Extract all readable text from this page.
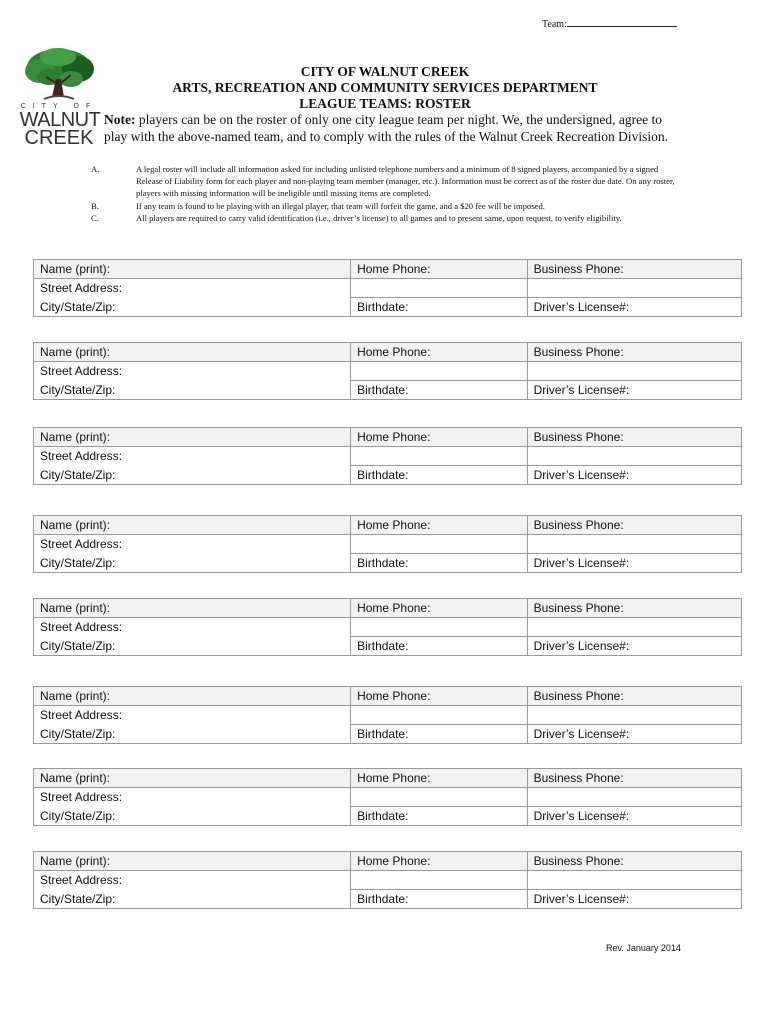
Team:
CITY OF
WALNUT
CREEK
CITY OF WALNUT CREEK
ARTS, RECREATION AND COMMUNITY SERVICES DEPARTMENT
LEAGUE TEAMS: ROSTER
Note: players can be on the roster of only one city league team per night. We, the undersigned, agree to play with the above-named team, and to comply with the rules of the Walnut Creek Recreation Division.
A.	A legal roster will include all information asked for including unlisted telephone numbers and a minimum of 8 signed players, accompanied by a signed Release of Liability form for each player and non-playing team member (manager, etc.). Information must be correct as of the roster due date. On any roster, players with missing information will be ineligible until missing items are completed.
B.	If any team is found to be playing with an illegal player, that team will forfeit the game, and a $20 fee will be imposed.
C.	All players are required to carry valid identification (i.e., driver’s license) to all games and to present same, upon request, to verify eligibility.
Name (print):	Home Phone:	Business Phone:
Street Address:		
City/State/Zip:	Birthdate:	Driver’s License#:
Name (print):	Home Phone:	Business Phone:
Street Address:		
City/State/Zip:	Birthdate:	Driver’s License#:
Name (print):	Home Phone:	Business Phone:
Street Address:		
City/State/Zip:	Birthdate:	Driver’s License#:
Name (print):	Home Phone:	Business Phone:
Street Address:		
City/State/Zip:	Birthdate:	Driver’s License#:
Name (print):	Home Phone:	Business Phone:
Street Address:		
City/State/Zip:	Birthdate:	Driver’s License#:
Name (print):	Home Phone:	Business Phone:
Street Address:		
City/State/Zip:	Birthdate:	Driver’s License#:
Name (print):	Home Phone:	Business Phone:
Street Address:		
City/State/Zip:	Birthdate:	Driver’s License#:
Name (print):	Home Phone:	Business Phone:
Street Address:		
City/State/Zip:	Birthdate:	Driver’s License#:
Rev. January 2014
